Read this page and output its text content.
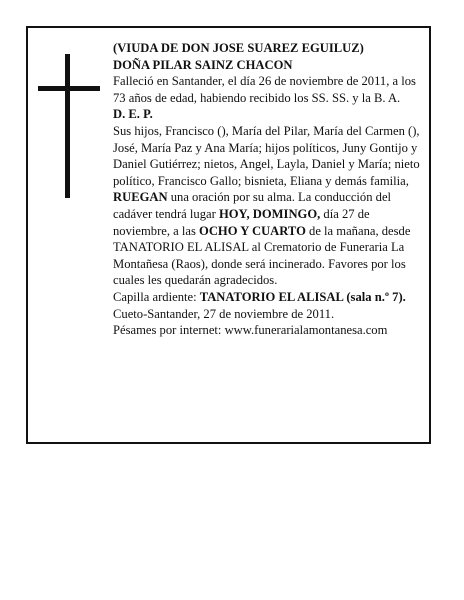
(VIUDA DE DON JOSE SUAREZ EGUILUZ)

DOÑA PILAR SAINZ CHACON

Falleció en Santander, el día 26 de noviembre de 2011, a los 73 años de edad, habiendo recibido los SS. SS. y la B. A.

D. E. P.

Sus hijos, Francisco (), María del Pilar, María del Carmen (), José, María Paz y Ana María; hijos políticos, Juny Gontijo y Daniel Gutiérrez; nietos, Angel, Layla, Daniel y María; nieto político, Francisco Gallo; bisnieta, Eliana y demás familia,

RUEGAN una oración por su alma. La conducción del cadáver tendrá lugar HOY, DOMINGO, día 27 de noviembre, a las OCHO Y CUARTO de la mañana, desde TANATORIO EL ALISAL al Crematorio de Funeraria La Montañesa (Raos), donde será incinerado. Favores por los cuales les quedarán agradecidos.

Capilla ardiente: TANATORIO EL ALISAL (sala n.º 7).

Cueto-Santander, 27 de noviembre de 2011.

Pésames por internet: www.funerarialamontanesa.com
